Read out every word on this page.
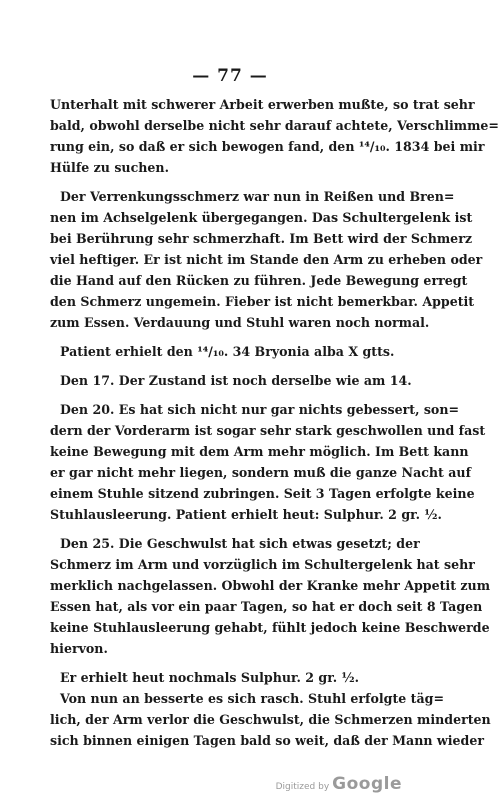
— 77 —
Unterhalt mit schwerer Arbeit erwerben mußte, so trat sehr
bald, obwohl derselbe nicht sehr darauf achtete, Verschlimme=
rung ein, so daß er sich bewogen fand, den ¹⁴/₁₀. 1834 bei mir
Hülfe zu suchen.
Der Verrenkungsschmerz war nun in Reißen und Bren=
nen im Achselgelenk übergegangen. Das Schultergelenk ist
bei Berührung sehr schmerzhaft. Im Bett wird der Schmerz
viel heftiger. Er ist nicht im Stande den Arm zu erheben oder
die Hand auf den Rücken zu führen. Jede Bewegung erregt
den Schmerz ungemein. Fieber ist nicht bemerkbar. Appetit
zum Essen. Verdauung und Stuhl waren noch normal.
Patient erhielt den ¹⁴/₁₀. 34 Bryonia alba X gtts.
Den 17. Der Zustand ist noch derselbe wie am 14.
Den 20. Es hat sich nicht nur gar nichts gebessert, son=
dern der Vorderarm ist sogar sehr stark geschwollen und fast
keine Bewegung mit dem Arm mehr möglich. Im Bett kann
er gar nicht mehr liegen, sondern muß die ganze Nacht auf
einem Stuhle sitzend zubringen. Seit 3 Tagen erfolgte keine
Stuhlausleerung. Patient erhielt heut: Sulphur. 2 gr. ½.
Den 25. Die Geschwulst hat sich etwas gesetzt; der
Schmerz im Arm und vorzüglich im Schultergelenk hat sehr
merklich nachgelassen. Obwohl der Kranke mehr Appetit zum
Essen hat, als vor ein paar Tagen, so hat er doch seit 8 Tagen
keine Stuhlausleerung gehabt, fühlt jedoch keine Beschwerde
hiervon.
Er erhielt heut nochmals Sulphur. 2 gr. ½.
Von nun an besserte es sich rasch. Stuhl erfolgte täg=
lich, der Arm verlor die Geschwulst, die Schmerzen minderten
sich binnen einigen Tagen bald so weit, daß der Mann wieder
Digitized by Google
